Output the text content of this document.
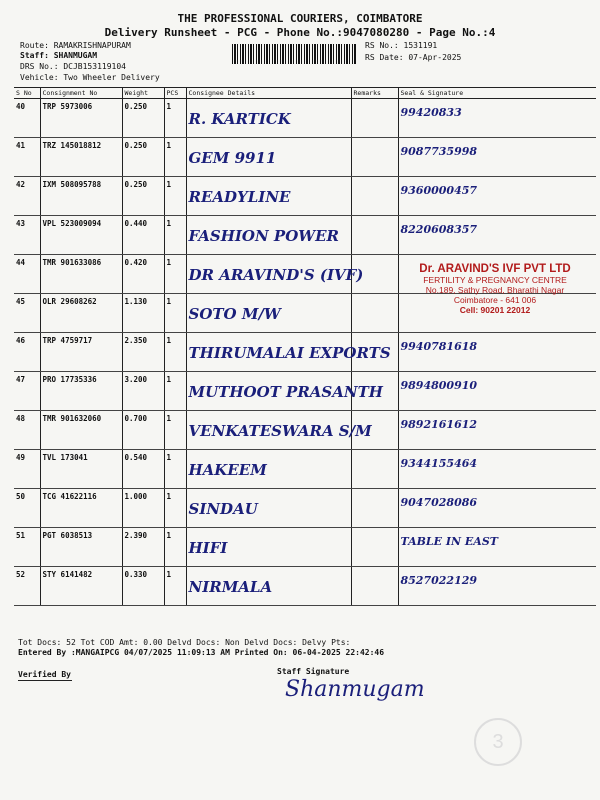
THE PROFESSIONAL COURIERS, COIMBATORE
Delivery Runsheet - PCG - Phone No.:9047080280 - Page No.:4
Route: RAMAKRISHNAPURAM
Staff: SHANMUGAM
DRS No.: DCJB153119104
Vehicle: Two Wheeler Delivery
RS No.: 1531191
RS Date: 07-Apr-2025
S No	Consignment No	Weight	PCS	Consignee Details	Remarks	Seal & Signature
40	TRP 5973006	0.250	1	R. KARTICK		99420833
41	TRZ 145018812	0.250	1	GEM 9911		9087735998
42	IXM 508095788	0.250	1	READYLINE		9360000457
43	VPL 523009094	0.440	1	FASHION POWER		8220608357
44	TMR 901633086	0.420	1	DR ARAVIND'S (IVF)		
45	OLR 29608262	1.130	1	SOTO M/W		
46	TRP 4759717	2.350	1	THIRUMALAI EXPORTS		9940781618
47	PRO 17735336	3.200	1	MUTHOOT PRASANTH		9894800910
48	TMR 901632060	0.700	1	VENKATESWARA S/M		9892161612
49	TVL 173041	0.540	1	HAKEEM		9344155464
50	TCG 41622116	1.000	1	SINDAU		9047028086
51	PGT 6038513	2.390	1	HIFI		TABLE IN EAST
52	STY 6141482	0.330	1	NIRMALA		8527022129
Dr. ARAVIND'S IVF PVT LTD
FERTILITY & PREGNANCY CENTRE
No.189, Sathy Road, Bharathi Nagar
Coimbatore - 641 006
Cell: 90201 22012
Tot Docs: 52 Tot COD Amt: 0.00 Delvd Docs: Non Delvd Docs: Delvy Pts:
Entered By :MANGAIPCG 04/07/2025 11:09:13 AM Printed On: 06-04-2025 22:42:46
Verified By	Staff Signature
Shanmugam
3
